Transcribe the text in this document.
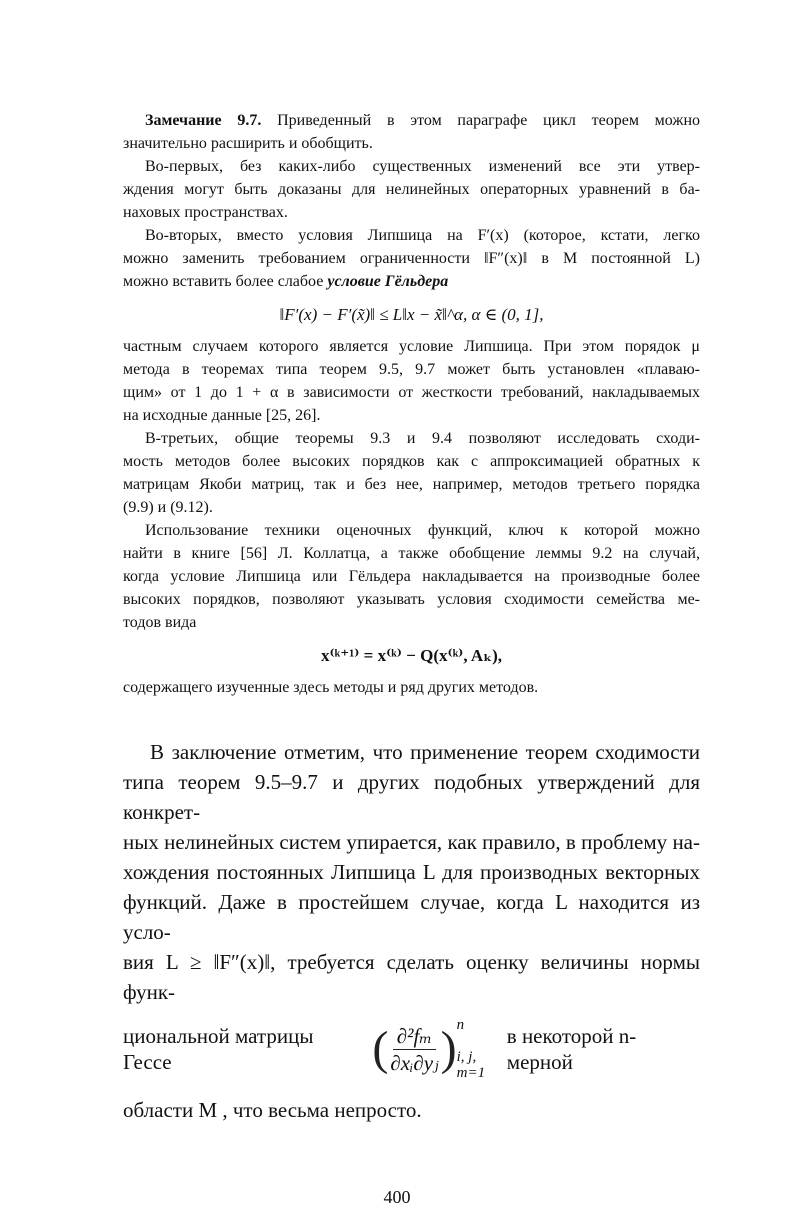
Замечание 9.7. Приведенный в этом параграфе цикл теорем можно
значительно расширить и обобщить.
Во-первых, без каких-либо существенных изменений все эти утвер-
ждения могут быть доказаны для нелинейных операторных уравнений в ба-
наховых пространствах.
Во-вторых, вместо условия Липшица на F′(x) (которое, кстати, легко
можно заменить требованием ограниченности ‖F″(x)‖ в M постоянной L)
можно вставить более слабое условие Гёльдера
‖F′(x) − F′(x̃)‖ ≤ L‖x − x̃‖^α, α ∈ (0, 1],
частным случаем которого является условие Липшица. При этом порядок μ
метода в теоремах типа теорем 9.5, 9.7 может быть установлен «плаваю-
щим» от 1 до 1 + α в зависимости от жесткости требований, накладываемых
на исходные данные [25, 26].
В-третьих, общие теоремы 9.3 и 9.4 позволяют исследовать сходи-
мость методов более высоких порядков как с аппроксимацией обратных к
матрицам Якоби матриц, так и без нее, например, методов третьего порядка
(9.9) и (9.12).
Использование техники оценочных функций, ключ к которой можно
найти в книге [56] Л. Коллатца, а также обобщение леммы 9.2 на случай,
когда условие Липшица или Гёльдера накладывается на производные более
высоких порядков, позволяют указывать условия сходимости семейства ме-
тодов вида
x⁽ᵏ⁺¹⁾ = x⁽ᵏ⁾ − Q(x⁽ᵏ⁾, Aₖ),
содержащего изученные здесь методы и ряд других методов.
В заключение отметим, что применение теорем сходимости
типа теорем 9.5–9.7 и других подобных утверждений для конкрет-
ных нелинейных систем упирается, как правило, в проблему на-
хождения постоянных Липшица L для производных векторных
функций. Даже в простейшем случае, когда L находится из усло-
вия L ≥ ‖F″(x)‖, требуется сделать оценку величины нормы функ-
циональной матрицы Гессе	( $\frac{\text{∂²fₘ}}{\text{∂xᵢ∂yⱼ}}$ ) n
i, j, m=1
в некоторой n-мерной
области M , что весьма непросто.
400
